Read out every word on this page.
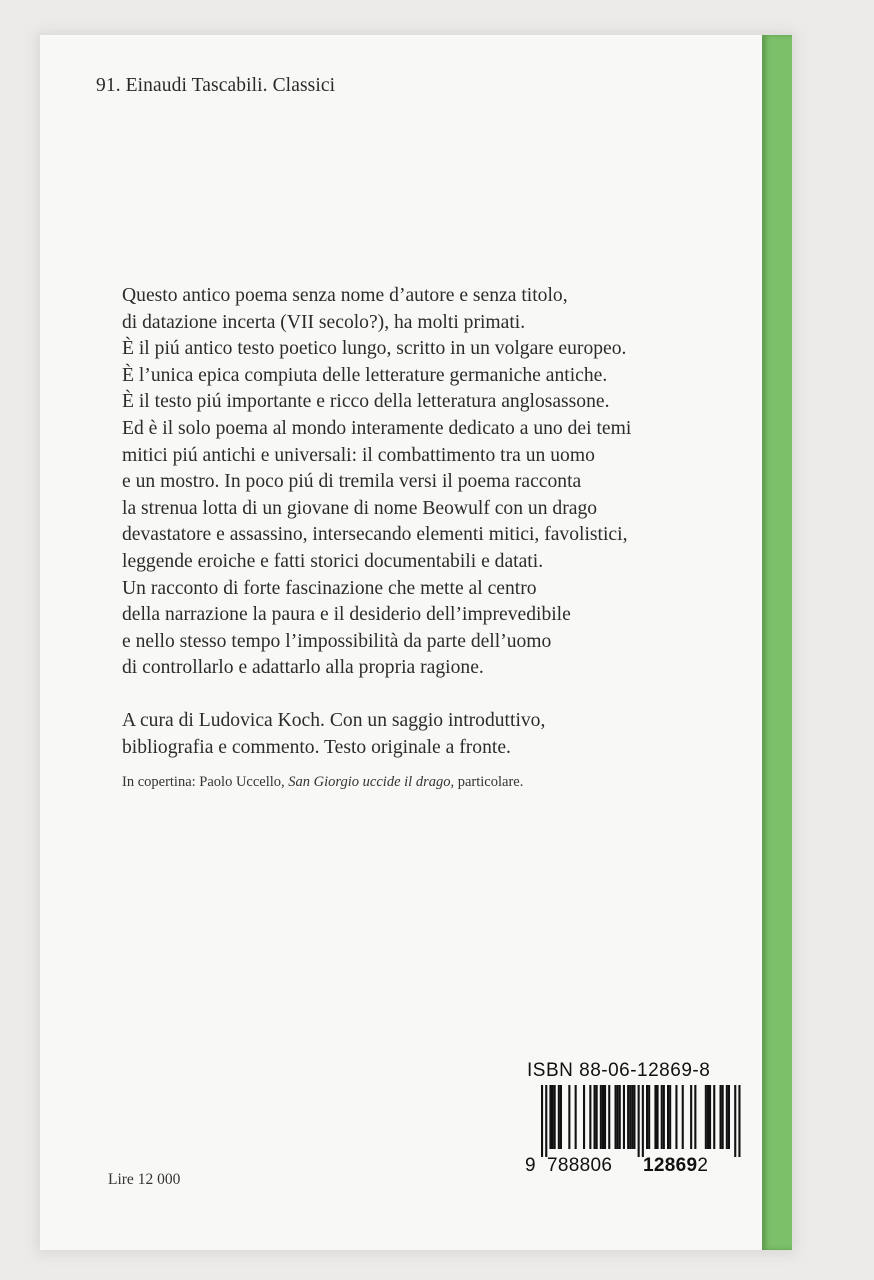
91. Einaudi Tascabili. Classici
Questo antico poema senza nome d’autore e senza titolo,
di datazione incerta (VII secolo?), ha molti primati.
È il piú antico testo poetico lungo, scritto in un volgare europeo.
È l’unica epica compiuta delle letterature germaniche antiche.
È il testo piú importante e ricco della letteratura anglosassone.
Ed è il solo poema al mondo interamente dedicato a uno dei temi
mitici piú antichi e universali: il combattimento tra un uomo
e un mostro. In poco piú di tremila versi il poema racconta
la strenua lotta di un giovane di nome Beowulf con un drago
devastatore e assassino, intersecando elementi mitici, favolistici,
leggende eroiche e fatti storici documentabili e datati.
Un racconto di forte fascinazione che mette al centro
della narrazione la paura e il desiderio dell’imprevedibile
e nello stesso tempo l’impossibilità da parte dell’uomo
di controllarlo e adattarlo alla propria ragione.
A cura di Ludovica Koch. Con un saggio introduttivo,
bibliografia e commento. Testo originale a fronte.
In copertina: Paolo Uccello, San Giorgio uccide il drago, particolare.
Lire 12 000
ISBN 88-06-12869-8
9 788806 128692
